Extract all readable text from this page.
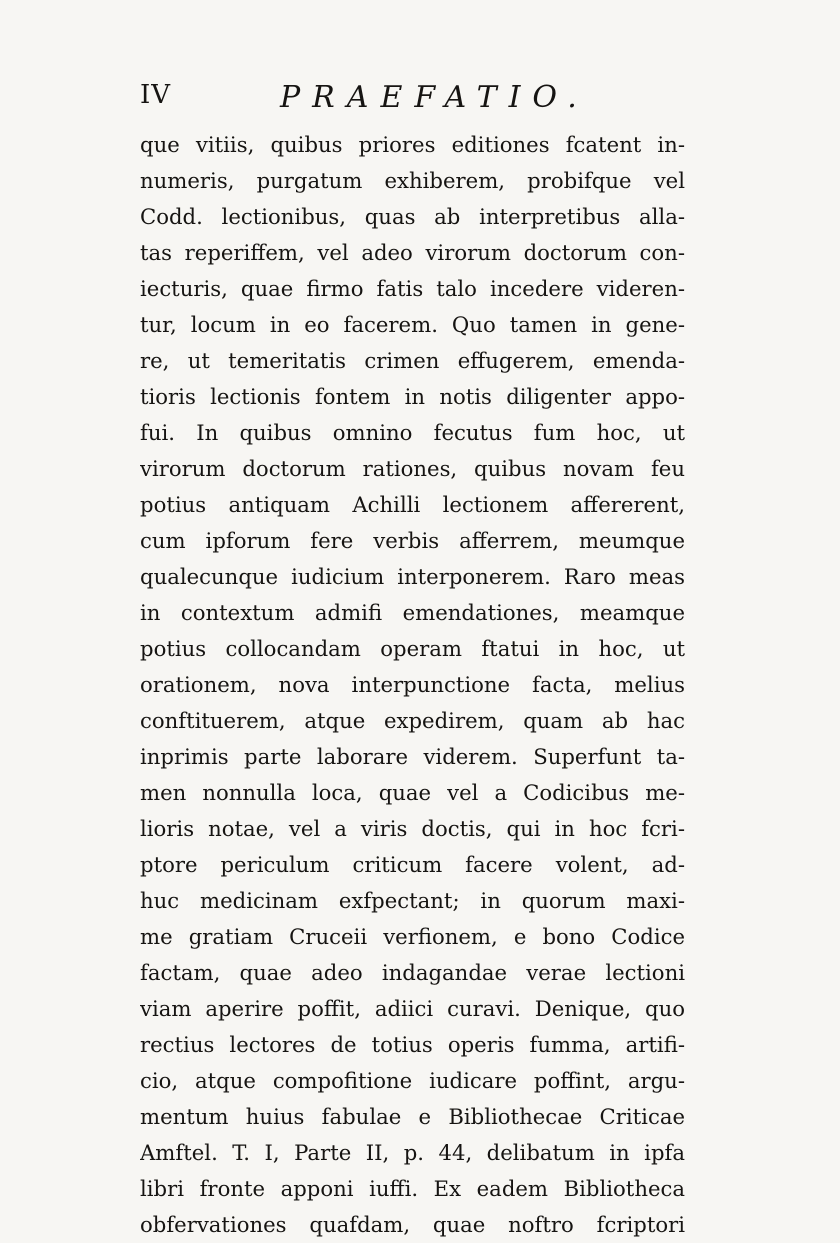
IV	PRAEFATIO.
que vitiis, quibus priores editiones fcatent in-
numeris, purgatum exhiberem, probifque vel
Codd. lectionibus, quas ab interpretibus alla-
tas reperiffem, vel adeo virorum doctorum con-
iecturis, quae firmo fatis talo incedere videren-
tur, locum in eo facerem. Quo tamen in gene-
re, ut temeritatis crimen effugerem, emenda-
tioris lectionis fontem in notis diligenter appo-
fui. In quibus omnino fecutus fum hoc, ut
virorum doctorum rationes, quibus novam feu
potius antiquam Achilli lectionem affererent,
cum ipforum fere verbis afferrem, meumque
qualecunque iudicium interponerem. Raro meas
in contextum admifi emendationes, meamque
potius collocandam operam ftatui in hoc, ut
orationem, nova interpunctione facta, melius
conftituerem, atque expedirem, quam ab hac
inprimis parte laborare viderem. Superfunt ta-
men nonnulla loca, quae vel a Codicibus me-
lioris notae, vel a viris doctis, qui in hoc fcri-
ptore periculum criticum facere volent, ad-
huc medicinam exfpectant; in quorum maxi-
me gratiam Cruceii verfionem, e bono Codice
factam, quae adeo indagandae verae lectioni
viam aperire poffit, adiici curavi. Denique, quo
rectius lectores de totius operis fumma, artifi-
cio, atque compofitione iudicare poffint, argu-
mentum huius fabulae e Bibliothecae Criticae
Amftel. T. I, Parte II, p. 44, delibatum in ipfa
libri fronte apponi iuffi. Ex eadem Bibliotheca
obfervationes quafdam, quae noftro fcriptori
